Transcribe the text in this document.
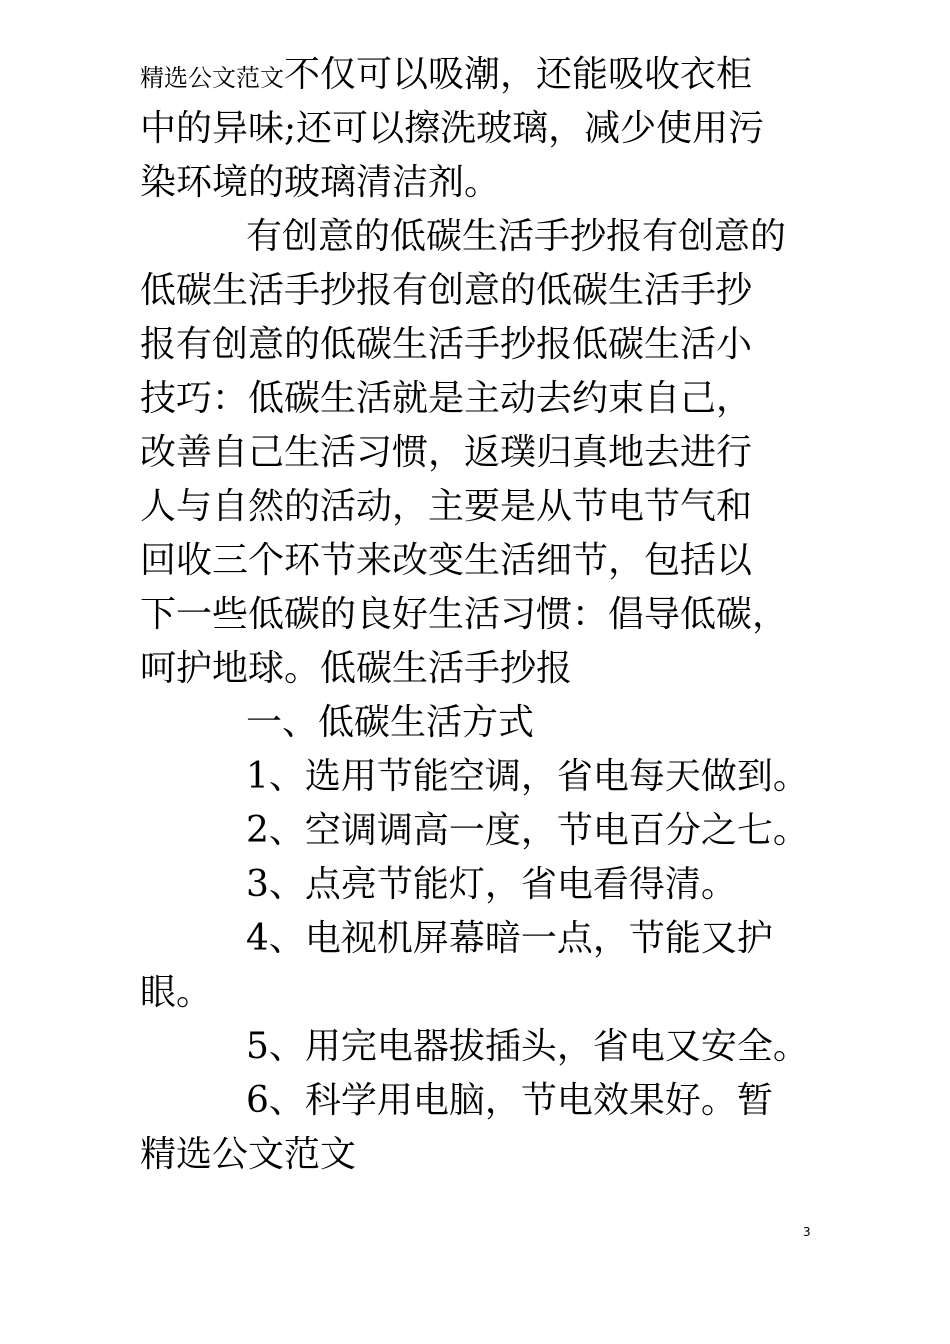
精选公文范文不仅可以吸潮，还能吸收衣柜
中的异味;还可以擦洗玻璃，减少使用污
染环境的玻璃清洁剂。
有创意的低碳生活手抄报有创意的
低碳生活手抄报有创意的低碳生活手抄
报有创意的低碳生活手抄报低碳生活小
技巧：低碳生活就是主动去约束自己，
改善自己生活习惯，返璞归真地去进行
人与自然的活动，主要是从节电节气和
回收三个环节来改变生活细节，包括以
下一些低碳的良好生活习惯：倡导低碳，
呵护地球。低碳生活手抄报
一、低碳生活方式
1、选用节能空调，省电每天做到。
2、空调调高一度，节电百分之七。
3、点亮节能灯，省电看得清。
4、电视机屏幕暗一点，节能又护
眼。
5、用完电器拔插头，省电又安全。
6、科学用电脑，节电效果好。暂
精选公文范文
3
